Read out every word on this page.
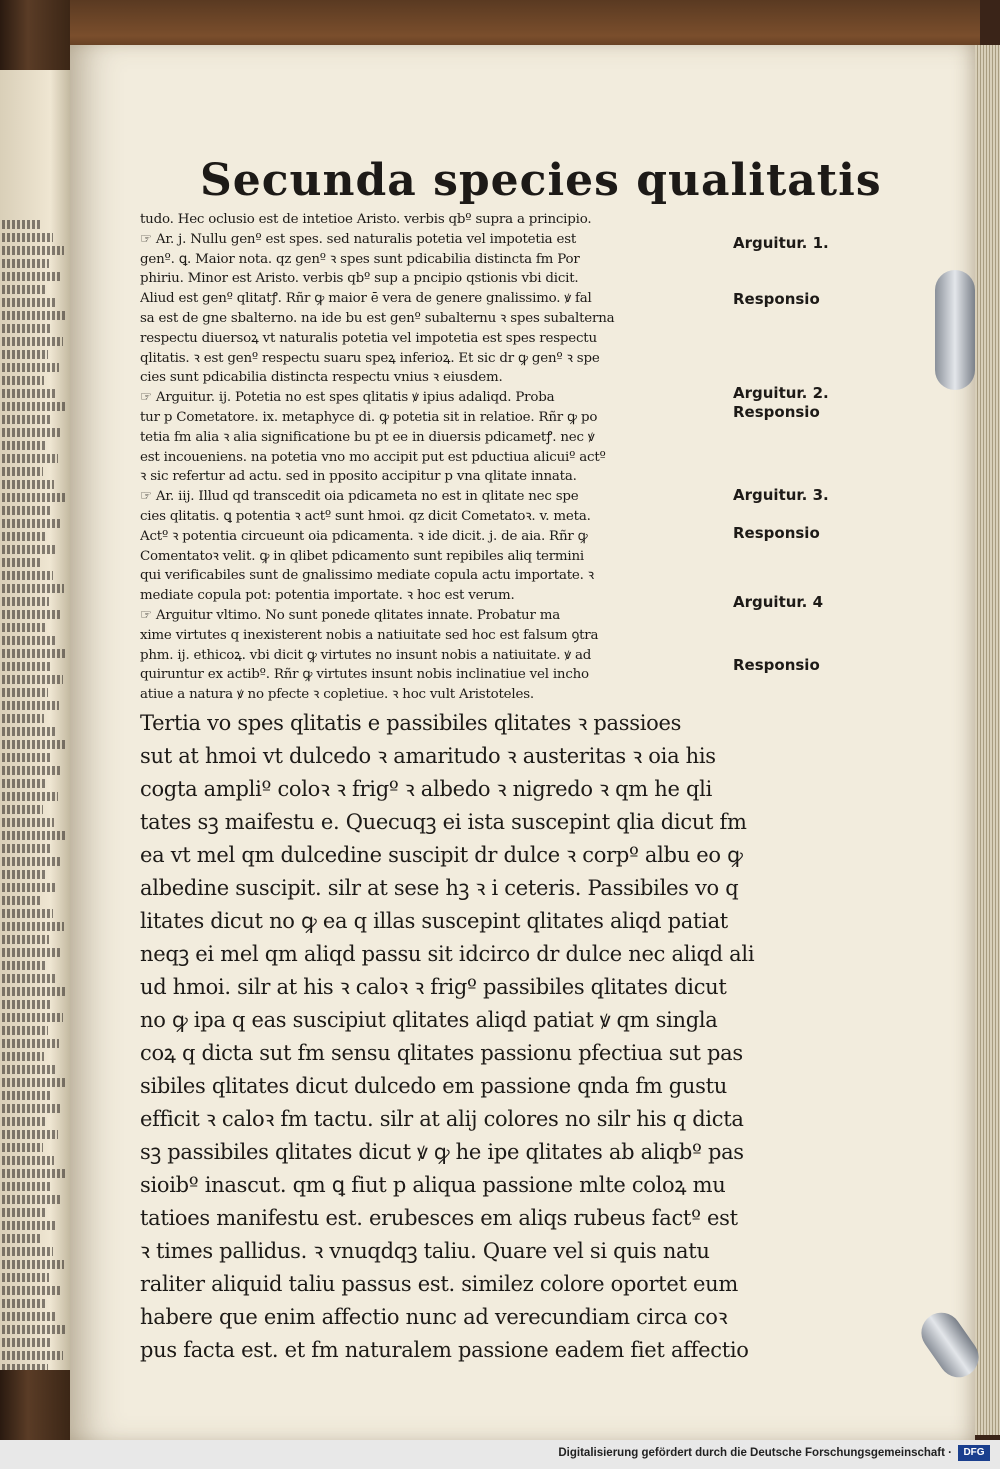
Secunda species qualitatis
tudo. Hec oclusio est de intetioe Aristo. verbis qbº supra a principio.
☞ Ar. j. Nullu genº est spes. sed naturalis potetia vel impotetia est
genº. ꝗ. Maior nota. qz genº ꝛ spes sunt pdicabilia distincta fm Por
phiriu. Minor est Aristo. verbis qbº sup a pncipio qstionis vbi dicit.
Aliud est genº qlitatꝭ. Rñr ꝙ maior ē vera de genere gnalissimo. ꝟ fal
sa est de gne sbalterno. na ide bu est genº subalternu ꝛ spes subalterna
respectu diuersoꝝ vt naturalis potetia vel impotetia est spes respectu
qlitatis. ꝛ est genº respectu suaru speꝝ inferioꝝ. Et sic dr ꝙ genº ꝛ spe
cies sunt pdicabilia distincta respectu vnius ꝛ eiusdem.
☞ Arguitur. ij. Potetia no est spes qlitatis ꝟ ipius adaliqd. Proba
tur p Cometatore. ix. metaphyce di. ꝙ potetia sit in relatioe. Rñr ꝙ po
tetia fm alia ꝛ alia significatione bu pt ee in diuersis pdicametꝭ. nec ꝟ
est incoueniens. na potetia vno mo accipit put est pductiua alicuiº actº
ꝛ sic refertur ad actu. sed in pposito accipitur p vna qlitate innata.
☞ Ar. iij. Illud qd transcedit oia pdicameta no est in qlitate nec spe
cies qlitatis. ꝗ potentia ꝛ actº sunt hmoi. qz dicit Cometatoꝛ. v. meta.
Actº ꝛ potentia circueunt oia pdicamenta. ꝛ ide dicit. j. de aia. Rñr ꝙ
Comentatoꝛ velit. ꝙ in qlibet pdicamento sunt repibiles aliq termini
qui verificabiles sunt de gnalissimo mediate copula actu importate. ꝛ
mediate copula pot: potentia importate. ꝛ hoc est verum.
☞ Arguitur vltimo. No sunt ponede qlitates innate. Probatur ma
xime virtutes q inexisterent nobis a natiuitate sed hoc est falsum ꝯtra
phm. ij. ethicoꝝ. vbi dicit ꝙ virtutes no insunt nobis a natiuitate. ꝟ ad
quiruntur ex actibº. Rñr ꝙ virtutes insunt nobis inclinatiue vel incho
atiue a natura ꝟ no pfecte ꝛ copletiue. ꝛ hoc vult Aristoteles.
Tertia vo spes qlitatis e passibiles qlitates ꝛ passioes
sut at hmoi vt dulcedo ꝛ amaritudo ꝛ austeritas ꝛ oia his
cogta ampliº coloꝛ ꝛ frigº ꝛ albedo ꝛ nigredo ꝛ qm he qli
tates sꝫ maifestu e. Quecuqꝫ ei ista suscepint qlia dicut fm
ea vt mel qm dulcedine suscipit dr dulce ꝛ corpº albu eo ꝙ
albedine suscipit. silr at sese hꝫ ꝛ i ceteris. Passibiles vo q
litates dicut no ꝙ ea q illas suscepint qlitates aliqd patiat
neqꝫ ei mel qm aliqd passu sit idcirco dr dulce nec aliqd ali
ud hmoi. silr at his ꝛ caloꝛ ꝛ frigº passibiles qlitates dicut
no ꝙ ipa q eas suscipiut qlitates aliqd patiat ꝟ qm singla
coꝝ q dicta sut fm sensu qlitates passionu pfectiua sut pas
sibiles qlitates dicut dulcedo em passione qnda fm gustu
efficit ꝛ caloꝛ fm tactu. silr at alij colores no silr his q dicta
sꝫ passibiles qlitates dicut ꝟ ꝙ he ipe qlitates ab aliqbº pas
sioibº inascut. qm ꝗ fiut p aliqua passione mlte coloꝝ mu
tatioes manifestu est. erubesces em aliqs rubeus factº est
ꝛ times pallidus. ꝛ vnuqdqꝫ taliu. Quare vel si quis natu
raliter aliquid taliu passus est. similez colore oportet eum
habere que enim affectio nunc ad verecundiam circa coꝛ
pus facta est. et fm naturalem passione eadem fiet affectio
Arguitur. 1.
Responsio
Arguitur. 2.
Responsio
Arguitur. 3.
Responsio
Arguitur. 4
Responsio
Digitalisierung gefördert durch die Deutsche Forschungsgemeinschaft ·	DFG
